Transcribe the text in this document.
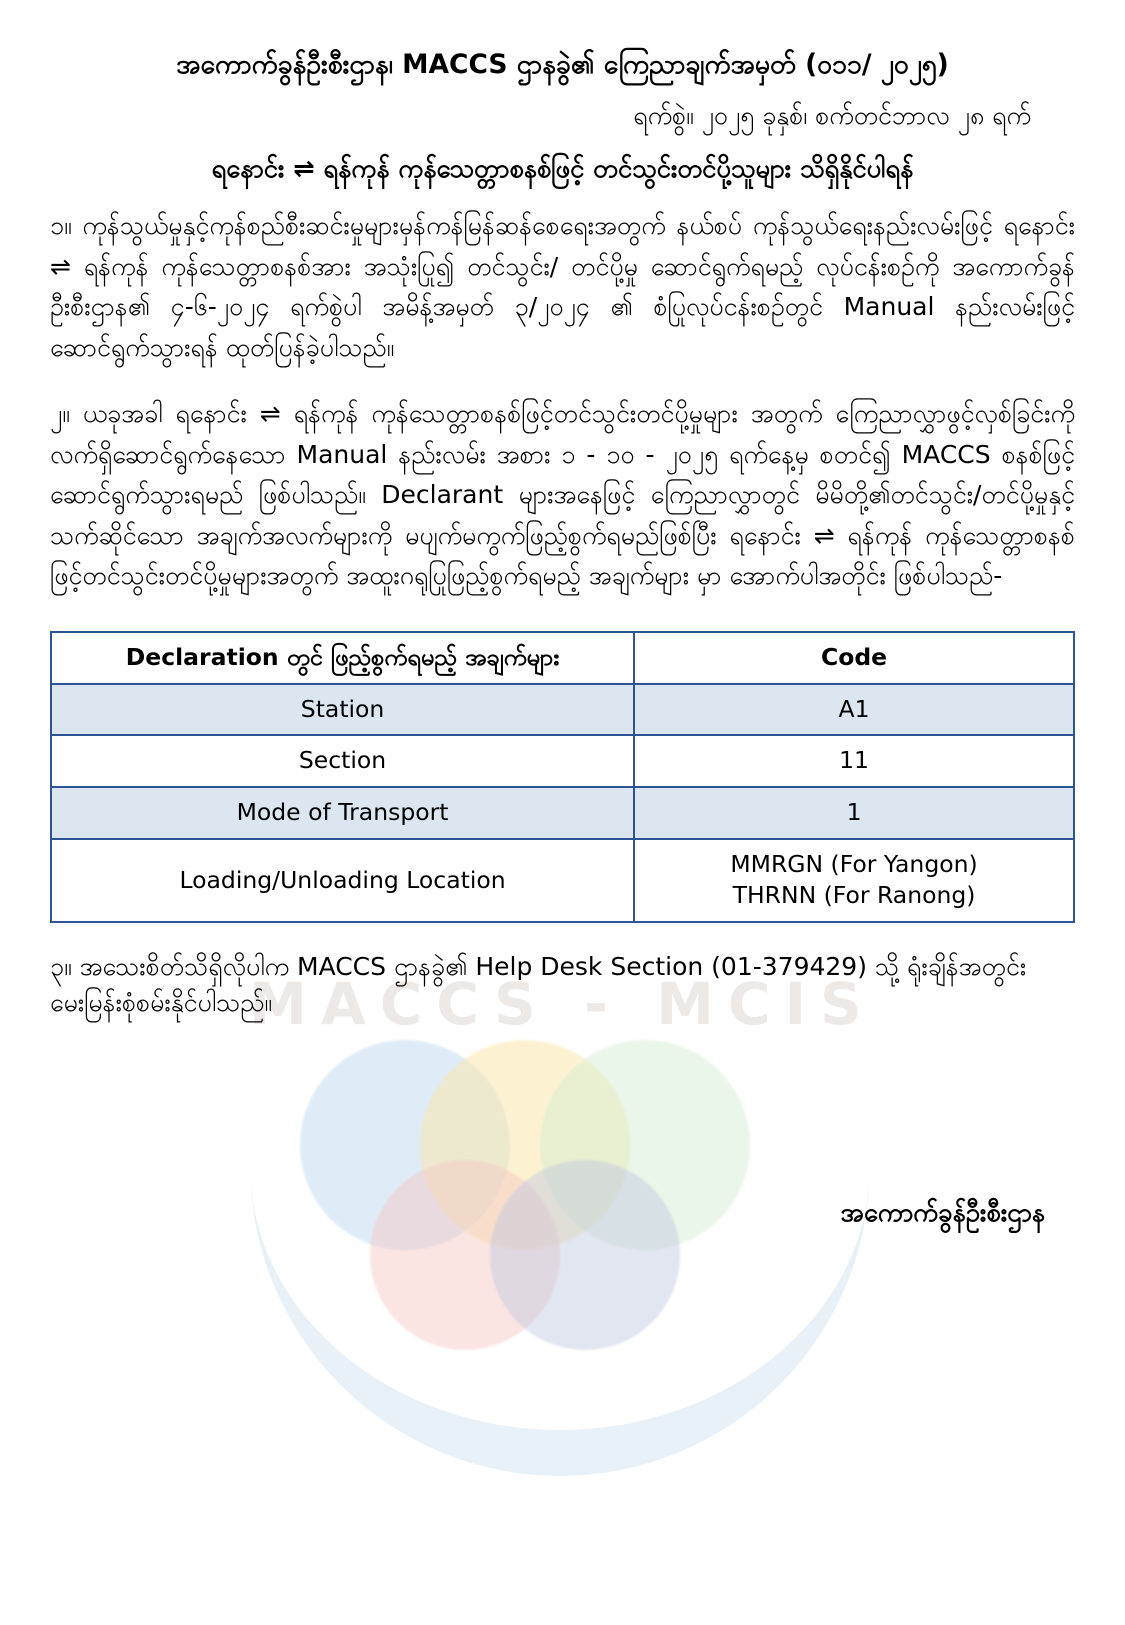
MACCS - MCIS
အကောက်ခွန်ဦးစီးဌာန၊ MACCS ဌာနခွဲ၏ ကြေညာချက်အမှတ် (၀၁၁/ ၂၀၂၅)
ရက်စွဲ။ ၂၀၂၅ ခုနှစ်၊ စက်တင်ဘာလ ၂၈ ရက်
ရနောင်း ⇌ ရန်ကုန် ကုန်သေတ္တာစနစ်ဖြင့် တင်သွင်းတင်ပို့သူများ သိရှိနိုင်ပါရန်

၁။ ကုန်သွယ်မှုနှင့်ကုန်စည်စီးဆင်းမှုများမှန်ကန်မြန်ဆန်စေရေးအတွက် နယ်စပ် ကုန်သွယ်ရေးနည်းလမ်းဖြင့် ရနောင်း ⇌ ရန်ကုန် ကုန်သေတ္တာစနစ်အား အသုံးပြု၍ တင်သွင်း/ တင်ပို့မှု ဆောင်ရွက်ရမည့် လုပ်ငန်းစဉ်ကို အကောက်ခွန်ဦးစီးဌာန၏ ၄-၆-၂၀၂၄ ရက်စွဲပါ အမိန့်အမှတ် ၃/၂၀၂၄ ၏ စံပြုလုပ်ငန်းစဉ်တွင် Manual နည်းလမ်းဖြင့် ဆောင်ရွက်သွားရန် ထုတ်ပြန်ခဲ့ပါသည်။

၂။ ယခုအခါ ရနောင်း ⇌ ရန်ကုန် ကုန်သေတ္တာစနစ်ဖြင့်တင်သွင်းတင်ပို့မှုများ အတွက် ကြေညာလွှာဖွင့်လှစ်ခြင်းကို လက်ရှိဆောင်ရွက်နေသော Manual နည်းလမ်း အစား ၁ - ၁၀ - ၂၀၂၅ ရက်နေ့မှ စတင်၍ MACCS စနစ်ဖြင့် ဆောင်ရွက်သွားရမည် ဖြစ်ပါသည်။ Declarant များအနေဖြင့် ကြေညာလွှာတွင် မိမိတို့၏တင်သွင်း/တင်ပို့မှုနှင့် သက်ဆိုင်သော အချက်အလက်များကို မပျက်မကွက်ဖြည့်စွက်ရမည်ဖြစ်ပြီး ရနောင်း ⇌ ရန်ကုန် ကုန်သေတ္တာစနစ်ဖြင့်တင်သွင်းတင်ပို့မှုများအတွက် အထူးဂရုပြုဖြည့်စွက်ရမည့် အချက်များ မှာ အောက်ပါအတိုင်း ဖြစ်ပါသည်-

Declaration တွင် ဖြည့်စွက်ရမည့် အချက်များ	Code
Station	A1
Section	11
Mode of Transport	1
Loading/Unloading Location	MMRGN (For Yangon)
THRNN (For Ranong)

၃။ အသေးစိတ်သိရှိလိုပါက MACCS ဌာနခွဲ၏ Help Desk Section (01-379429) သို့ ရုံးချိန်အတွင်း မေးမြန်းစုံစမ်းနိုင်ပါသည်။

အကောက်ခွန်ဦးစီးဌာန
